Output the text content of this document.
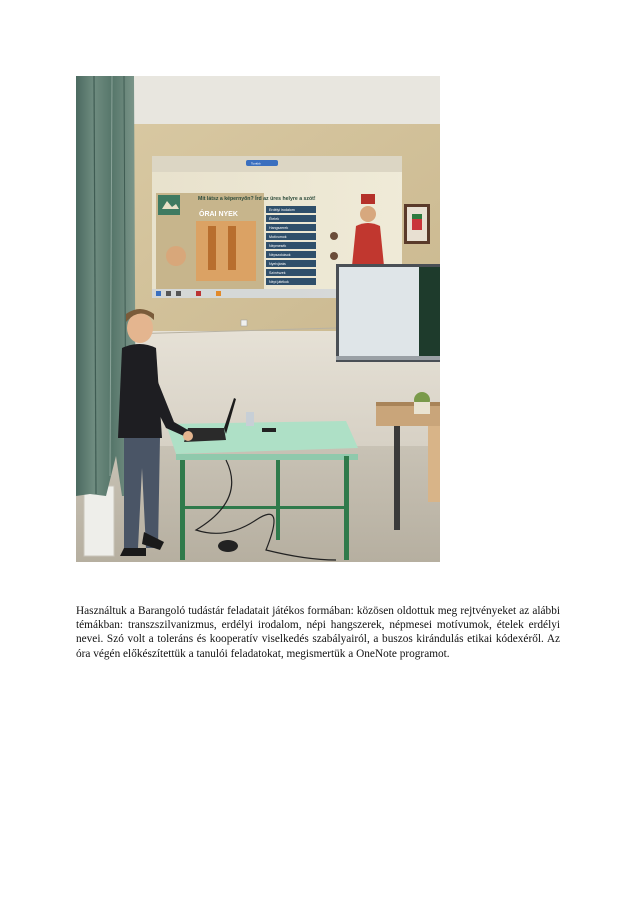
Tovább
ÓRAI NYEK
Mit látsz a képernyőn? Írd az üres helyre a szót!
Erdélyi irodalom
Ételek
Hangszerek
Motívumok
Népmesék
Népszokások
Nyelvjárás
Színészek
Népi játékok

Használtuk a Barangoló tudástár feladatait játékos formában: közösen oldottuk meg rejtvényeket az alábbi témákban: transzszilvanizmus, erdélyi irodalom, népi hangszerek, népmesei motívumok, ételek erdélyi nevei. Szó volt a toleráns és kooperatív viselkedés szabályairól, a buszos kirándulás etikai kódexéről. Az óra végén előkészítettük a tanulói feladatokat, megismertük a OneNote programot.
